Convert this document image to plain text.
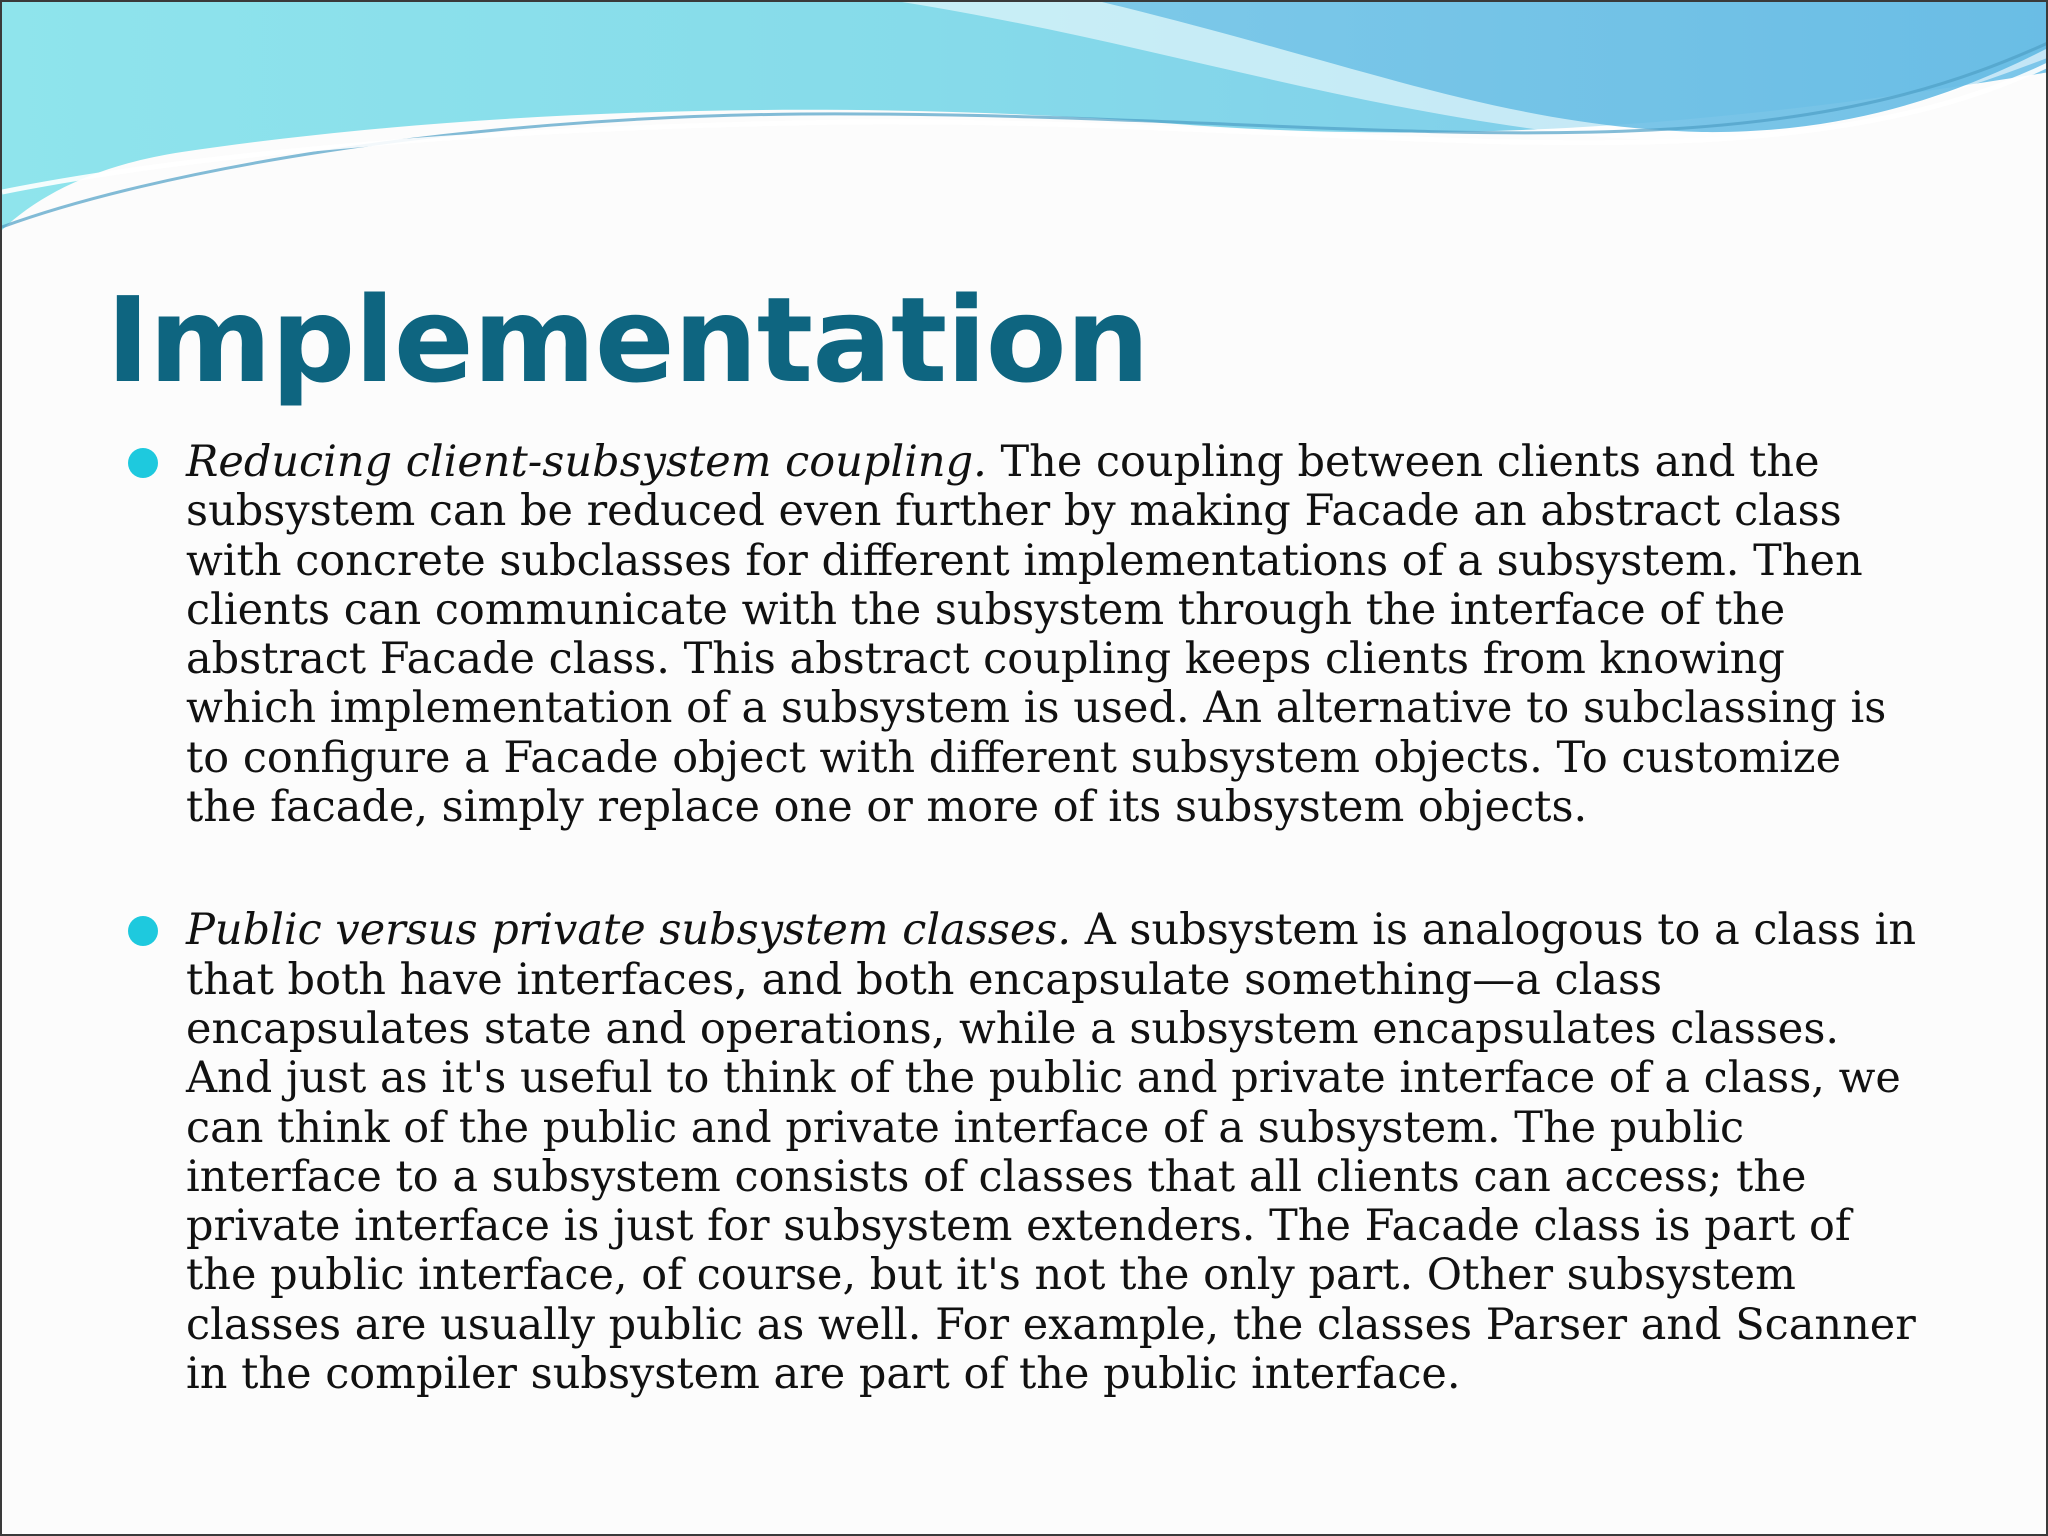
Implementation
Reducing client-subsystem coupling. The coupling between clients and the
subsystem can be reduced even further by making Facade an abstract class
with concrete subclasses for different implementations of a subsystem. Then
clients can communicate with the subsystem through the interface of the
abstract Facade class. This abstract coupling keeps clients from knowing
which implementation of a subsystem is used. An alternative to subclassing is
to configure a Facade object with different subsystem objects. To customize
the facade, simply replace one or more of its subsystem objects.
Public versus private subsystem classes. A subsystem is analogous to a class in
that both have interfaces, and both encapsulate something—a class
encapsulates state and operations, while a subsystem encapsulates classes.
And just as it's useful to think of the public and private interface of a class, we
can think of the public and private interface of a subsystem. The public
interface to a subsystem consists of classes that all clients can access; the
private interface is just for subsystem extenders. The Facade class is part of
the public interface, of course, but it's not the only part. Other subsystem
classes are usually public as well. For example, the classes Parser and Scanner
in the compiler subsystem are part of the public interface.
